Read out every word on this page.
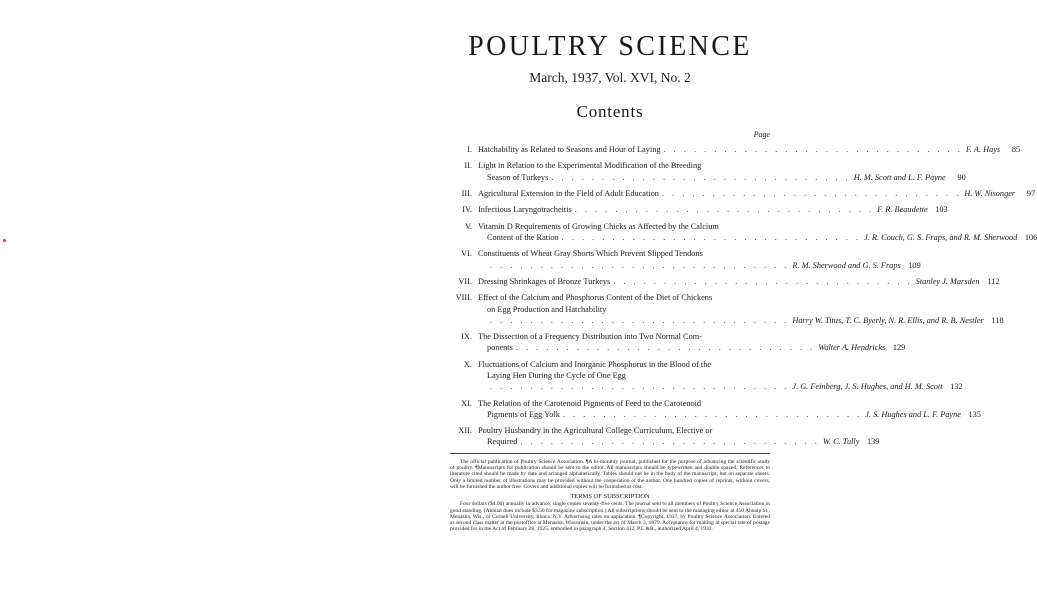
POULTRY SCIENCE
March, 1937, Vol. XVI, No. 2
Contents
Page
I. Hatchability as Related to Seasons and Hour of Laying . . . . . . . . . . . . . . . . . . . . . . . . . . . . . . F. A. Hays	85
II. Light in Relation to the Experimental Modification of the Breeding
Season of Turkeys . . . . . . . . . . . . . . . . . . . . . . . . . . . . . . H. M. Scott and L. F. Payne	90
III. Agricultural Extension in the Field of Adult Education . . . . . . . . . . . . . . . . . . . . . . . . . . . . . . H. W. Nisonger	97
IV. Infectious Laryngotracheitis . . . . . . . . . . . . . . . . . . . . . . . . . . . . . . F. R. Beaudette 103
V. Vitamin D Requirements of Growing Chicks as Affected by the Calcium
Content of the Ration . . . . . . . . . . . . . . . . . . . . . . . . . . . . . . J. R. Couch, G. S. Fraps, and R. M. Sherwood 106
VI. Constituents of Wheat Gray Shorts Which Prevent Slipped Tendons
. . . . . . . . . . . . . . . . . . . . . . . . . . . . . . R. M. Sherwood and G. S. Fraps 109
VII. Dressing Shrinkages of Bronze Turkeys . . . . . . . . . . . . . . . . . . . . . . . . . . . . . . Stanley J. Marsden 112
VIII. Effect of the Calcium and Phosphorus Content of the Diet of Chickens
on Egg Production and Hatchability
. . . . . . . . . . . . . . . . . . . . . . . . . . . . . . Harry W. Titus, T. C. Byerly, N. R. Ellis, and R. B. Nestler 118
IX. The Dissection of a Frequency Distribution into Two Normal Com-
ponents . . . . . . . . . . . . . . . . . . . . . . . . . . . . . . Walter A. Hendricks 129
X. Fluctuations of Calcium and Inorganic Phosphorus in the Blood of the
Laying Hen During the Cycle of One Egg
. . . . . . . . . . . . . . . . . . . . . . . . . . . . . . J. G. Feinberg, J. S. Hughes, and H. M. Scott 132
XI. The Relation of the Carotenoid Pigments of Feed to the Carotenoid
Pigments of Egg Yolk . . . . . . . . . . . . . . . . . . . . . . . . . . . . . . J. S. Hughes and L. F. Payne 135
XII. Poultry Husbandry in the Agricultural College Curriculum, Elective or
Required . . . . . . . . . . . . . . . . . . . . . . . . . . . . . . W. C. Tully 139
The official publication of Poultry Science Association. ¶A bi-monthly journal, published for the purpose of advancing the scientific study of poultry. ¶Manuscripts for publication should be sent to the editor. All manuscripts should be typewritten and double spaced. References to literature cited should be made by date and arranged alphabetically. Tables should not be in the body of the manuscript, but on separate sheets. Only a limited number of illustrations may be provided without the cooperation of the author. One hundred copies of reprints, without covers, will be furnished the author free. Covers and additional copies will be furnished at cost.
TERMS OF SUBSCRIPTION
Four dollars ($4.00) annually in advance; single copies seventy-five cents. The journal sent to all members of Poultry Science Association in good standing. (Annual dues include $3.50 for magazine subscription.) All subscriptions should be sent to the managing editor at 450 Ahnaip St., Menasha, Wis., or Cornell University, Ithaca, N.Y. Advertising rates on application. ¶Copyright, 1937, by Poultry Science Association. Entered as second class matter at the postoffice at Menasha, Wisconsin, under the act of March 3, 1879. Acceptance for mailing at special rate of postage provided for in the Act of February 28, 1925, embodied in paragraph 4, Section 412, P.L.&R., authorized April 4, 1932.
